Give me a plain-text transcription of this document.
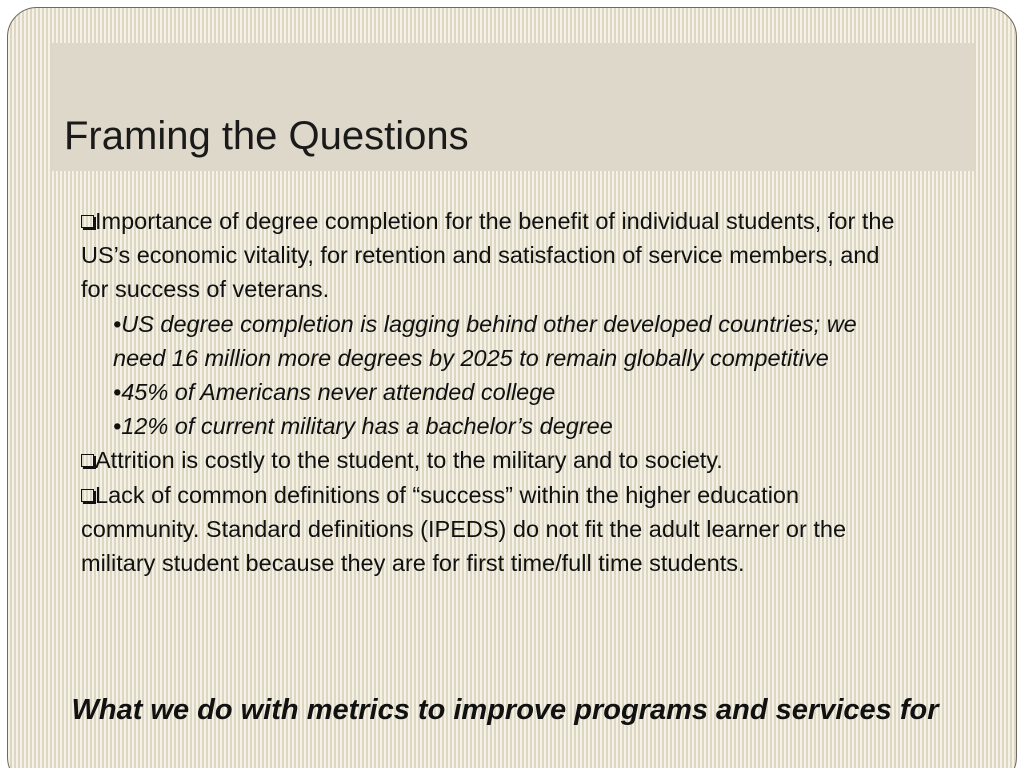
Framing the Questions

Importance of degree completion for the benefit of individual students, for the US’s economic vitality, for retention and satisfaction of service members, and for success of veterans.

•US degree completion is lagging behind other developed countries; we need 16 million more degrees by 2025 to remain globally competitive

•45% of Americans never attended college

•12% of current military has a bachelor’s degree

Attrition is costly to the student, to the military and to society.

Lack of common definitions of “success” within the higher education community. Standard definitions (IPEDS) do not fit the adult learner or the military student because they are for first time/full time students.

What we do with metrics to improve programs and services for
